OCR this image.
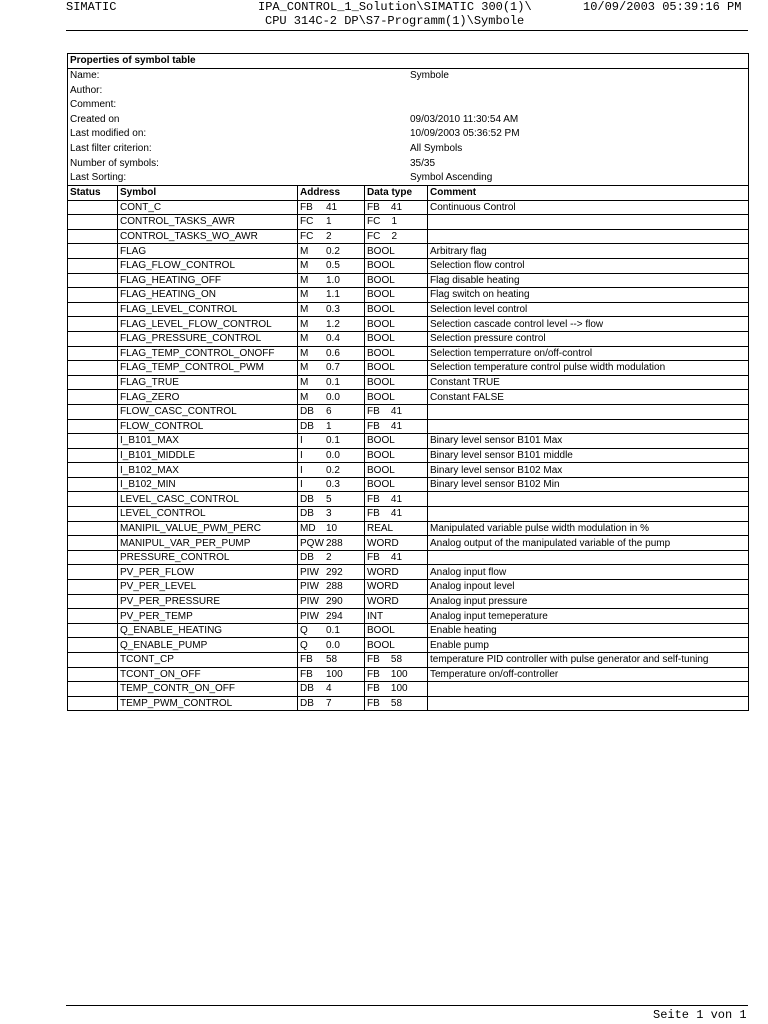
SIMATIC	IPA_CONTROL_1_Solution\SIMATIC 300(1)\	10/09/2003 05:39:16 PM
CPU 314C-2 DP\S7-Programm(1)\Symbole
Properties of symbol table
Name:	Symbole
Author:
Comment:
Created on	09/03/2010 11:30:54 AM
Last modified on:	10/09/2003 05:36:52 PM
Last filter criterion:	All Symbols
Number of symbols:	35/35
Last Sorting:	Symbol Ascending
Status	Symbol	Address	Data type	Comment
	CONT_C	FB 41	FB    41	Continuous Control
	CONTROL_TASKS_AWR	FC 1	FC    1	
	CONTROL_TASKS_WO_AWR	FC 2	FC    2	
	FLAG	M 0.2	BOOL	Arbitrary flag
	FLAG_FLOW_CONTROL	M 0.5	BOOL	Selection flow control
	FLAG_HEATING_OFF	M 1.0	BOOL	Flag disable heating
	FLAG_HEATING_ON	M 1.1	BOOL	Flag switch on heating
	FLAG_LEVEL_CONTROL	M 0.3	BOOL	Selection level control
	FLAG_LEVEL_FLOW_CONTROL	M 1.2	BOOL	Selection cascade control level --> flow
	FLAG_PRESSURE_CONTROL	M 0.4	BOOL	Selection pressure control
	FLAG_TEMP_CONTROL_ONOFF	M 0.6	BOOL	Selection temperrature on/off-control
	FLAG_TEMP_CONTROL_PWM	M 0.7	BOOL	Selection temperature control pulse width modulation
	FLAG_TRUE	M 0.1	BOOL	Constant TRUE
	FLAG_ZERO	M 0.0	BOOL	Constant FALSE
	FLOW_CASC_CONTROL	DB 6	FB    41	
	FLOW_CONTROL	DB 1	FB    41	
	I_B101_MAX	I 0.1	BOOL	Binary level sensor B101 Max
	I_B101_MIDDLE	I 0.0	BOOL	Binary level sensor B101 middle
	I_B102_MAX	I 0.2	BOOL	Binary level sensor B102 Max
	I_B102_MIN	I 0.3	BOOL	Binary level sensor B102 Min
	LEVEL_CASC_CONTROL	DB 5	FB    41	
	LEVEL_CONTROL	DB 3	FB    41	
	MANIPIL_VALUE_PWM_PERC	MD 10	REAL	Manipulated variable pulse width modulation in %
	MANIPUL_VAR_PER_PUMP	PQW 288	WORD	Analog output of the manipulated variable of the pump
	PRESSURE_CONTROL	DB 2	FB    41	
	PV_PER_FLOW	PIW 292	WORD	Analog input flow
	PV_PER_LEVEL	PIW 288	WORD	Analog inpout level
	PV_PER_PRESSURE	PIW 290	WORD	Analog input pressure
	PV_PER_TEMP	PIW 294	INT	Analog input temeperature
	Q_ENABLE_HEATING	Q 0.1	BOOL	Enable heating
	Q_ENABLE_PUMP	Q 0.0	BOOL	Enable pump
	TCONT_CP	FB 58	FB    58	temperature PID controller with pulse generator and self-tuning
	TCONT_ON_OFF	FB 100	FB    100	Temperature on/off-controller
	TEMP_CONTR_ON_OFF	DB 4	FB    100	
	TEMP_PWM_CONTROL	DB 7	FB    58	
Seite 1 von 1
